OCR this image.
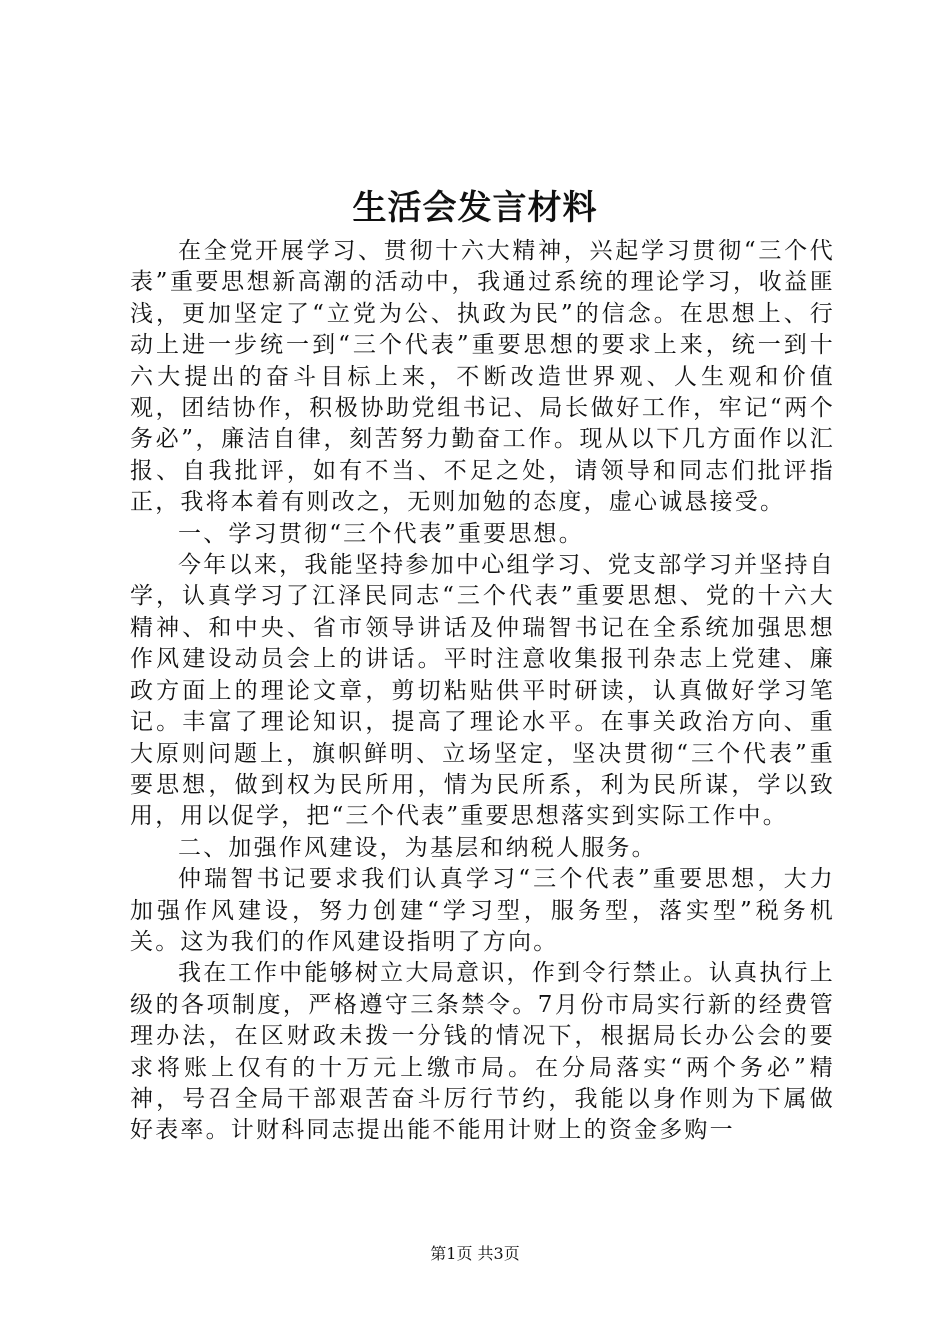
生活会发言材料

在全党开展学习、贯彻十六大精神，兴起学习贯彻“三个代表”重要思想新高潮的活动中，我通过系统的理论学习，收益匪浅，更加坚定了“立党为公、执政为民”的信念。在思想上、行动上进一步统一到“三个代表”重要思想的要求上来，统一到十六大提出的奋斗目标上来，不断改造世界观、人生观和价值观，团结协作，积极协助党组书记、局长做好工作，牢记“两个务必”，廉洁自律，刻苦努力勤奋工作。现从以下几方面作以汇报、自我批评，如有不当、不足之处，请领导和同志们批评指正，我将本着有则改之，无则加勉的态度，虚心诚恳接受。

一、学习贯彻“三个代表”重要思想。

今年以来，我能坚持参加中心组学习、党支部学习并坚持自学，认真学习了江泽民同志“三个代表”重要思想、党的十六大精神、和中央、省市领导讲话及仲瑞智书记在全系统加强思想作风建设动员会上的讲话。平时注意收集报刊杂志上党建、廉政方面上的理论文章，剪切粘贴供平时研读，认真做好学习笔记。丰富了理论知识，提高了理论水平。在事关政治方向、重大原则问题上，旗帜鲜明、立场坚定，坚决贯彻“三个代表”重要思想，做到权为民所用，情为民所系，利为民所谋，学以致用，用以促学，把“三个代表”重要思想落实到实际工作中。

二、加强作风建设，为基层和纳税人服务。

仲瑞智书记要求我们认真学习“三个代表”重要思想，大力加强作风建设，努力创建“学习型，服务型，落实型”税务机关。这为我们的作风建设指明了方向。

我在工作中能够树立大局意识，作到令行禁止。认真执行上级的各项制度，严格遵守三条禁令。7月份市局实行新的经费管理办法，在区财政未拨一分钱的情况下，根据局长办公会的要求将账上仅有的十万元上缴市局。在分局落实“两个务必”精神，号召全局干部艰苦奋斗厉行节约，我能以身作则为下属做好表率。计财科同志提出能不能用计财上的资金多购一

第1页 共3页
